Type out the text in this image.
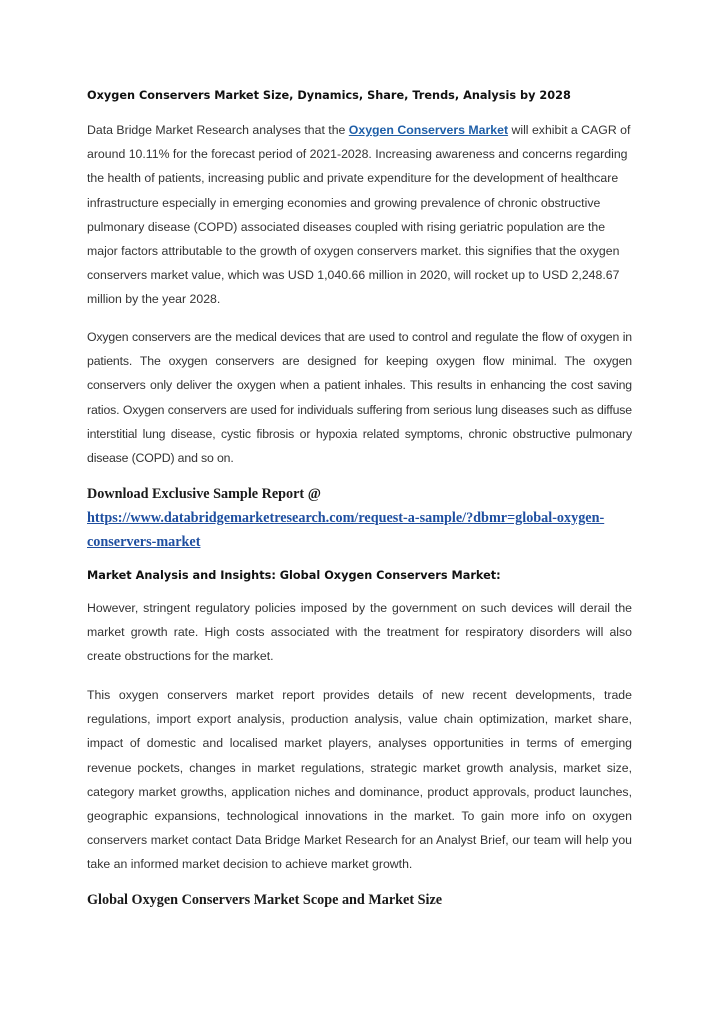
Oxygen Conservers Market Size, Dynamics, Share, Trends, Analysis by 2028

Data Bridge Market Research analyses that the Oxygen Conservers Market will exhibit a CAGR of around 10.11% for the forecast period of 2021-2028. Increasing awareness and concerns regarding the health of patients, increasing public and private expenditure for the development of healthcare infrastructure especially in emerging economies and growing prevalence of chronic obstructive pulmonary disease (COPD) associated diseases coupled with rising geriatric population are the major factors attributable to the growth of oxygen conservers market. this signifies that the oxygen conservers market value, which was USD 1,040.66 million in 2020, will rocket up to USD 2,248.67 million by the year 2028.

Oxygen conservers are the medical devices that are used to control and regulate the flow of oxygen in patients. The oxygen conservers are designed for keeping oxygen flow minimal. The oxygen conservers only deliver the oxygen when a patient inhales. This results in enhancing the cost saving ratios. Oxygen conservers are used for individuals suffering from serious lung diseases such as diffuse interstitial lung disease, cystic fibrosis or hypoxia related symptoms, chronic obstructive pulmonary disease (COPD) and so on.

Download Exclusive Sample Report @
https://www.databridgemarketresearch.com/request-a-sample/?dbmr=global-oxygen-conservers-market
Market Analysis and Insights: Global Oxygen Conservers Market:

However, stringent regulatory policies imposed by the government on such devices will derail the market growth rate. High costs associated with the treatment for respiratory disorders will also create obstructions for the market.

This oxygen conservers market report provides details of new recent developments, trade regulations, import export analysis, production analysis, value chain optimization, market share, impact of domestic and localised market players, analyses opportunities in terms of emerging revenue pockets, changes in market regulations, strategic market growth analysis, market size, category market growths, application niches and dominance, product approvals, product launches, geographic expansions, technological innovations in the market. To gain more info on oxygen conservers market contact Data Bridge Market Research for an Analyst Brief, our team will help you take an informed market decision to achieve market growth.

Global Oxygen Conservers Market Scope and Market Size
